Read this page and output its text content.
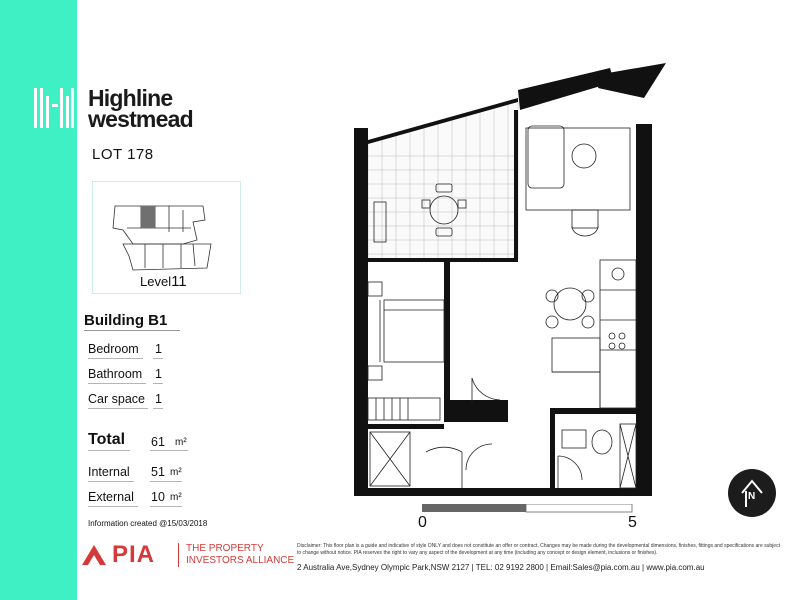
Highline
westmead
LOT 178
Level11
Building B1
Bedroom 1
Bathroom 1
Car space 1
Total 61 m²
Internal 51 m²
External 10 m²
Information created @15/03/2018	0	5
N
PIA	THE PROPERTY
INVESTORS ALLIANCE
Disclaimer: This floor plan is a guide and indicative of style ONLY and does not constitute an offer or contract. Changes may be made during the developmental dimensions, finishes, fittings and specifications are subject to change without notice. PIA reserves the right to vary any aspect of the development at any time (including any concept or design element, inclusions or finishes).
2 Australia Ave,Sydney Olympic Park,NSW 2127 | TEL: 02 9192 2800 | Email:Sales@pia.com.au | www.pia.com.au
